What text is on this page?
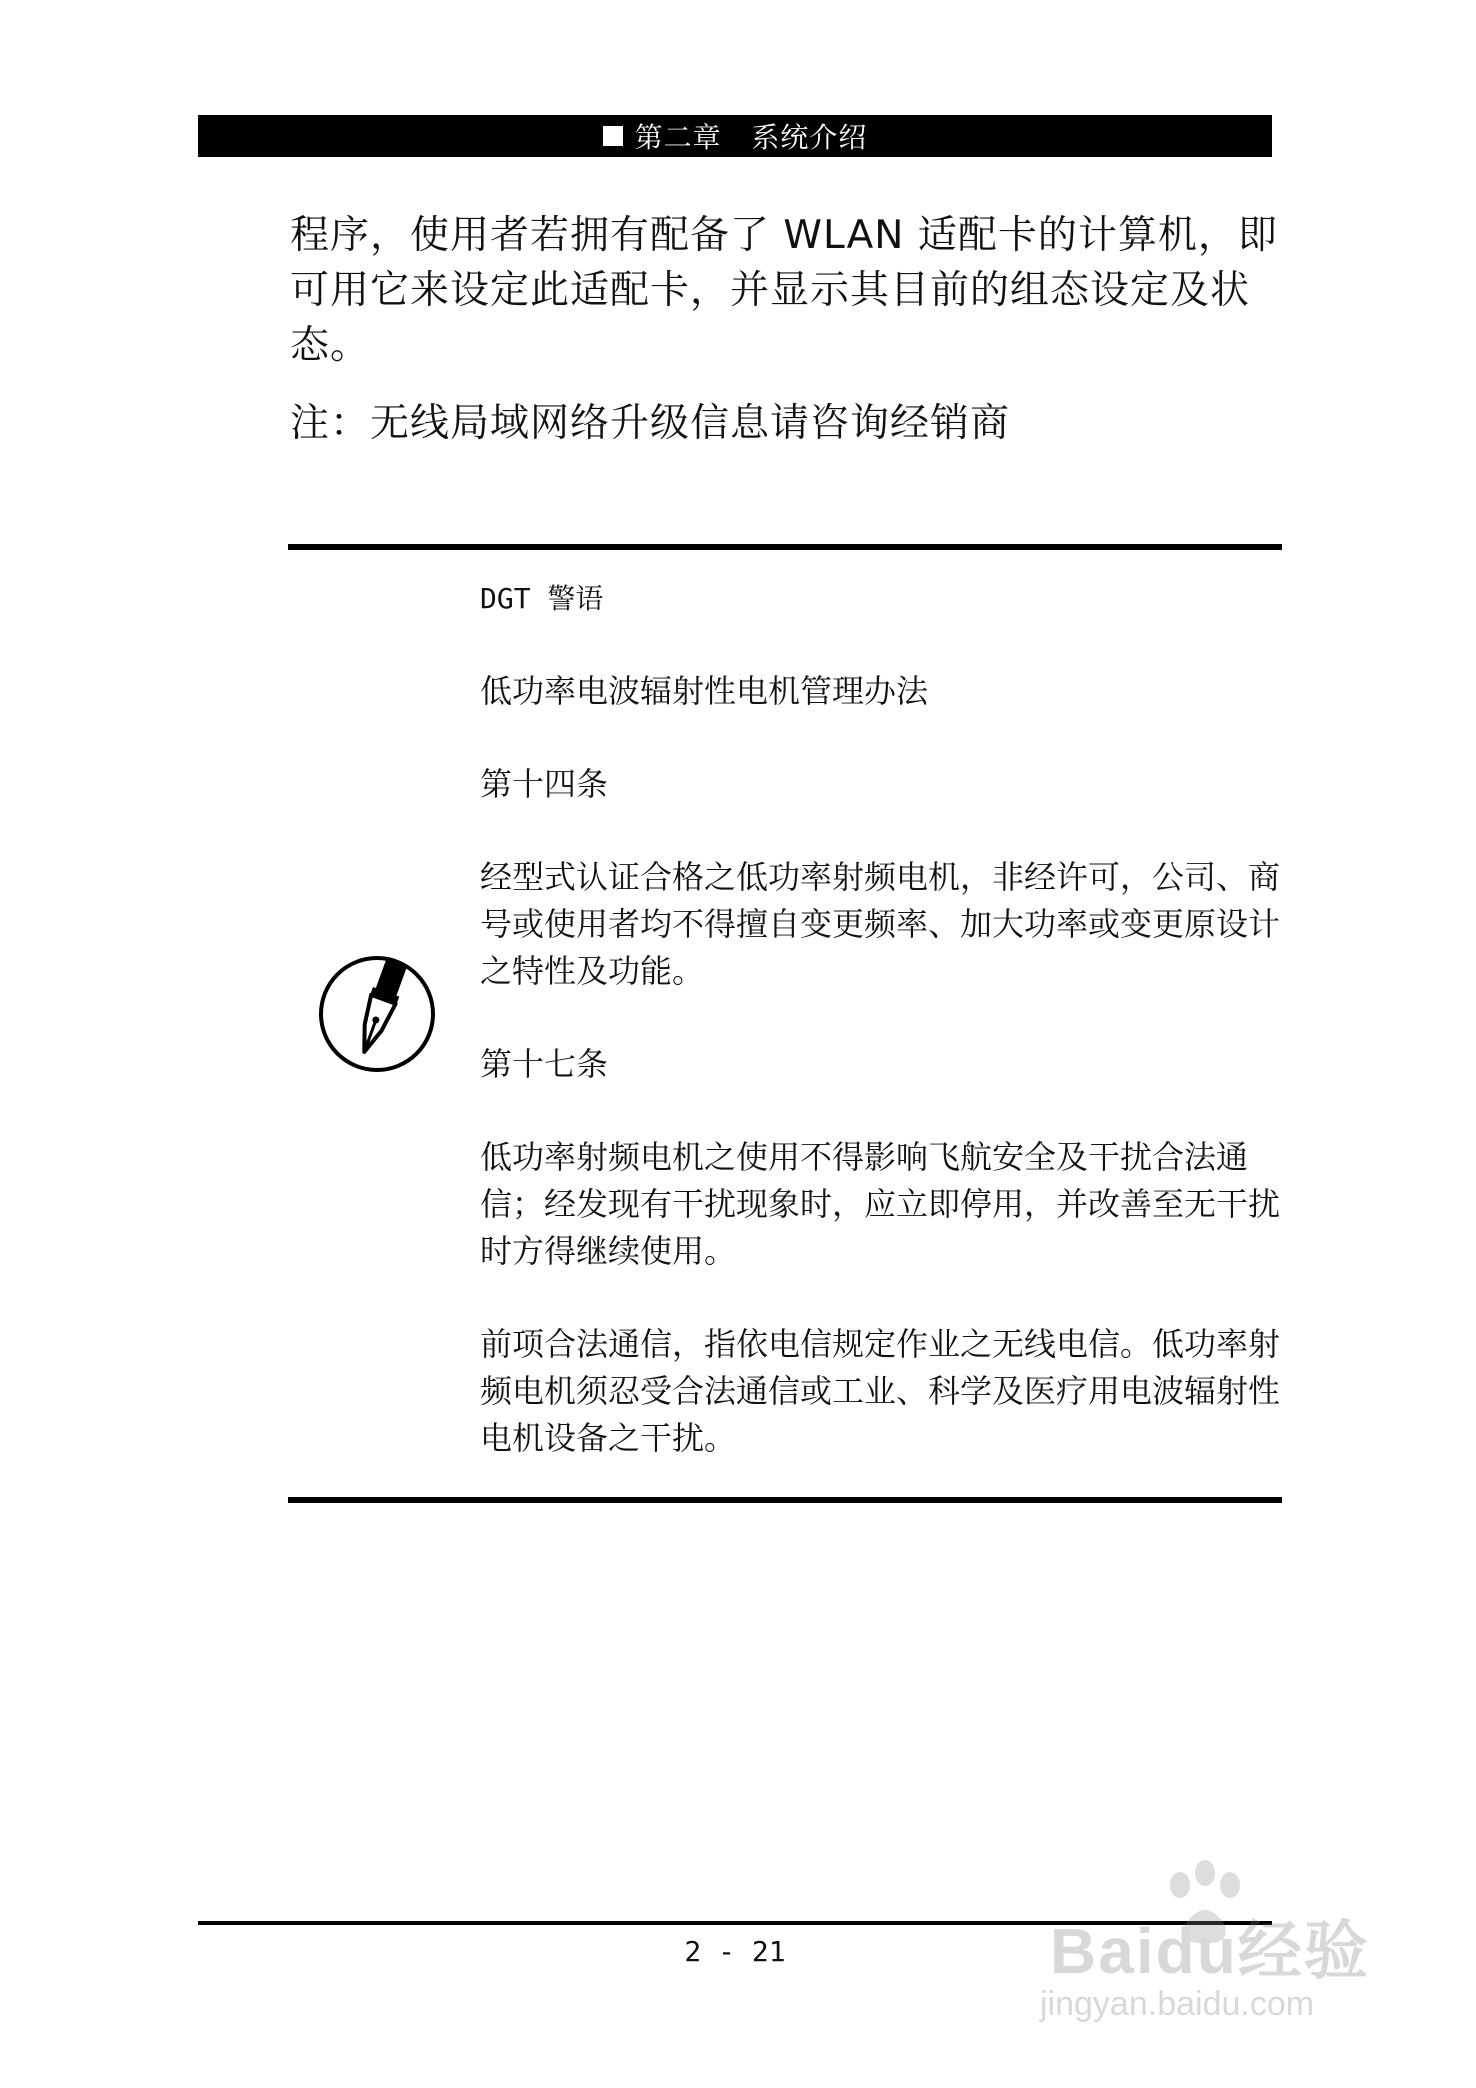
第二章   系统介绍
程序，使用者若拥有配备了 WLAN 适配卡的计算机，即可用它来设定此适配卡，并显示其目前的组态设定及状态。
注：无线局域网络升级信息请咨询经销商

DGT 警语

低功率电波辐射性电机管理办法

第十四条

经型式认证合格之低功率射频电机，非经许可，公司、商号或使用者均不得擅自变更频率、加大功率或变更原设计之特性及功能。

第十七条

低功率射频电机之使用不得影响飞航安全及干扰合法通信；经发现有干扰现象时，应立即停用，并改善至无干扰时方得继续使用。

前项合法通信，指依电信规定作业之无线电信。低功率射频电机须忍受合法通信或工业、科学及医疗用电波辐射性电机设备之干扰。

2 - 21	Baidu经验
jingyan.baidu.com
